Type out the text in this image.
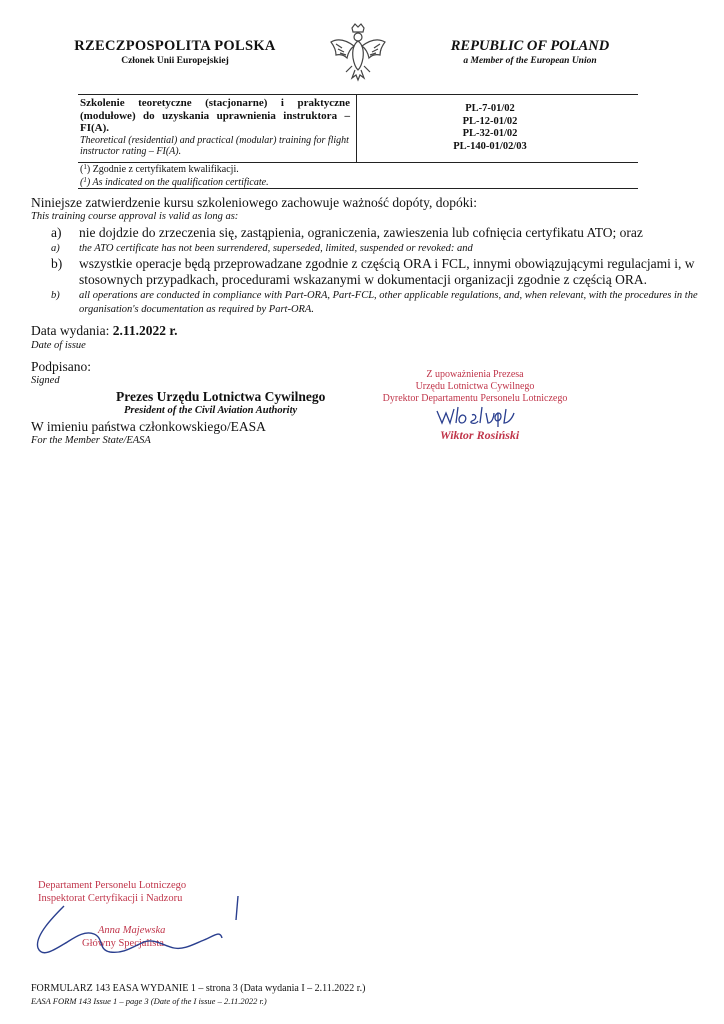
RZECZPOSPOLITA POLSKA
Członek Unii Europejskiej
REPUBLIC OF POLAND
a Member of the European Union
Szkolenie teoretyczne (stacjonarne) i praktyczne (modułowe) do uzyskania uprawnienia instruktora – FI(A).
Theoretical (residential) and practical (modular) training for flight instructor rating – FI(A).
PL-7-01/02
PL-12-01/02
PL-32-01/02
PL-140-01/02/03
($^1$) Zgodnie z certyfikatem kwalifikacji.
($^1$) As indicated on the qualification certificate.
Niniejsze zatwierdzenie kursu szkoleniowego zachowuje ważność dopóty, dopóki:
This training course approval is valid as long as:
a) nie dojdzie do zrzeczenia się, zastąpienia, ograniczenia, zawieszenia lub cofnięcia certyfikatu ATO; oraz
a) the ATO certificate has not been surrendered, superseded, limited, suspended or revoked: and
b) wszystkie operacje będą przeprowadzane zgodnie z częścią ORA i FCL, innymi obowiązującymi regulacjami i, w stosownych przypadkach, procedurami wskazanymi w dokumentacji organizacji zgodnie z częścią ORA.
b) all operations are conducted in compliance with Part-ORA, Part-FCL, other applicable regulations, and, when relevant, with the procedures in the organisation's documentation as required by Part-ORA.
Data wydania: 2.11.2022 r.
Date of issue
Podpisano:
Signed
Prezes Urzędu Lotnictwa Cywilnego
President of the Civil Aviation Authority
W imieniu państwa członkowskiego/EASA
For the Member State/EASA
Z upoważnienia Prezesa
Urzędu Lotnictwa Cywilnego
Dyrektor Departamentu Personelu Lotniczego
Wiktor Rosiński
Departament Personelu Lotniczego
Inspektorat Certyfikacji i Nadzoru
Anna Majewska
Główny Specjalista
FORMULARZ 143 EASA WYDANIE 1 – strona 3 (Data wydania I – 2.11.2022 r.)
EASA FORM 143 Issue 1 – page 3 (Date of the I issue – 2.11.2022 r.)
